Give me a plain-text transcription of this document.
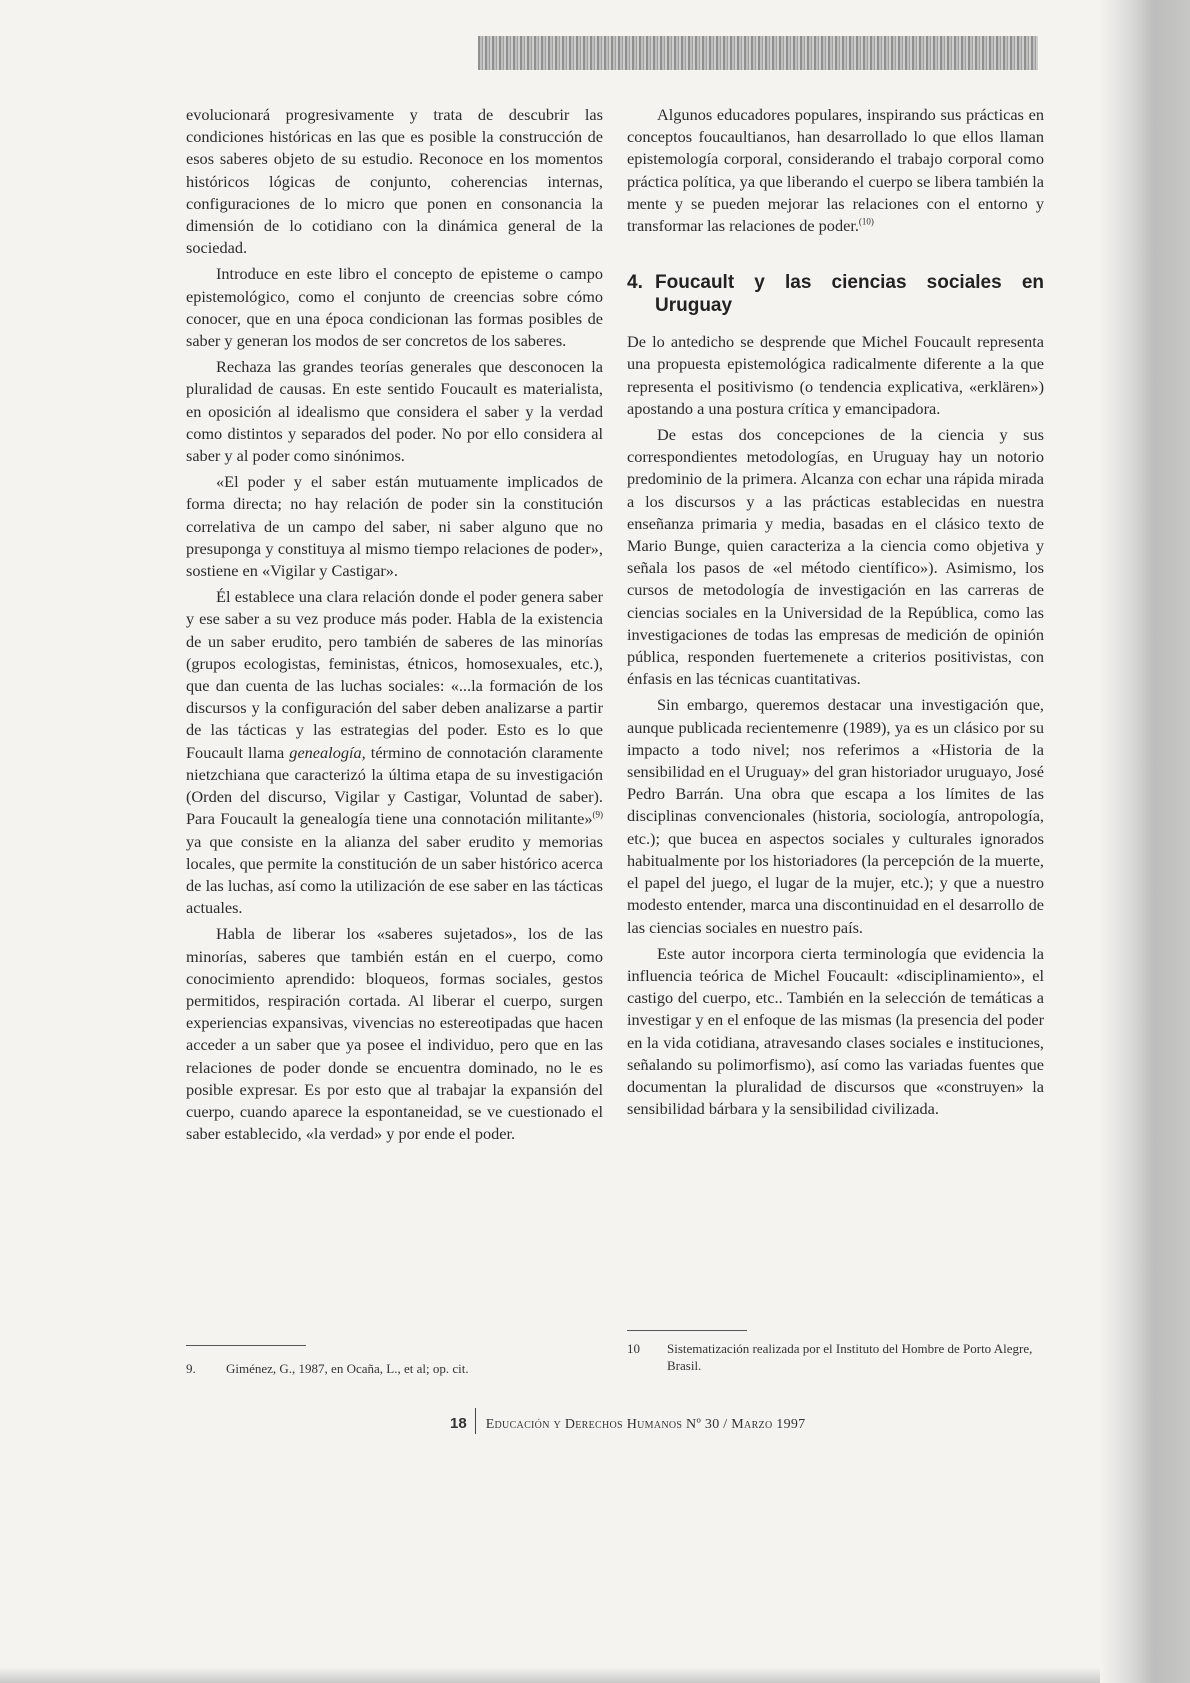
evolucionará progresivamente y trata de descubrir las condiciones históricas en las que es posible la construcción de esos saberes objeto de su estudio. Reconoce en los momentos históricos lógicas de conjunto, coherencias internas, configuraciones de lo micro que ponen en consonancia la dimensión de lo cotidiano con la dinámica general de la sociedad.

Introduce en este libro el concepto de episteme o campo epistemológico, como el conjunto de creencias sobre cómo conocer, que en una época condicionan las formas posibles de saber y generan los modos de ser concretos de los saberes.

Rechaza las grandes teorías generales que desconocen la pluralidad de causas. En este sentido Foucault es materialista, en oposición al idealismo que considera el saber y la verdad como distintos y separados del poder. No por ello considera al saber y al poder como sinónimos.

«El poder y el saber están mutuamente implicados de forma directa; no hay relación de poder sin la constitución correlativa de un campo del saber, ni saber alguno que no presuponga y constituya al mismo tiempo relaciones de poder», sostiene en «Vigilar y Castigar».

Él establece una clara relación donde el poder genera saber y ese saber a su vez produce más poder. Habla de la existencia de un saber erudito, pero también de saberes de las minorías (grupos ecologistas, feministas, étnicos, homosexuales, etc.), que dan cuenta de las luchas sociales: «...la formación de los discursos y la configuración del saber deben analizarse a partir de las tácticas y las estrategias del poder. Esto es lo que Foucault llama genealogía, término de connotación claramente nietzchiana que caracterizó la última etapa de su investigación (Orden del discurso, Vigilar y Castigar, Voluntad de saber). Para Foucault la genealogía tiene una connotación militante»$^{(9)}$ ya que consiste en la alianza del saber erudito y memorias locales, que permite la constitución de un saber histórico acerca de las luchas, así como la utilización de ese saber en las tácticas actuales.

Habla de liberar los «saberes sujetados», los de las minorías, saberes que también están en el cuerpo, como conocimiento aprendido: bloqueos, formas sociales, gestos permitidos, respiración cortada. Al liberar el cuerpo, surgen experiencias expansivas, vivencias no estereotipadas que hacen acceder a un saber que ya posee el individuo, pero que en las relaciones de poder donde se encuentra dominado, no le es posible expresar. Es por esto que al trabajar la expansión del cuerpo, cuando aparece la espontaneidad, se ve cuestionado el saber establecido, «la verdad» y por ende el poder.

Algunos educadores populares, inspirando sus prácticas en conceptos foucaultianos, han desarrollado lo que ellos llaman epistemología corporal, considerando el trabajo corporal como práctica política, ya que liberando el cuerpo se libera también la mente y se pueden mejorar las relaciones con el entorno y transformar las relaciones de poder.$^{(10)}$

4. Foucault y las ciencias sociales en Uruguay

De lo antedicho se desprende que Michel Foucault representa una propuesta epistemológica radicalmente diferente a la que representa el positivismo (o tendencia explicativa, «erklären») apostando a una postura crítica y emancipadora.

De estas dos concepciones de la ciencia y sus correspondientes metodologías, en Uruguay hay un notorio predominio de la primera. Alcanza con echar una rápida mirada a los discursos y a las prácticas establecidas en nuestra enseñanza primaria y media, basadas en el clásico texto de Mario Bunge, quien caracteriza a la ciencia como objetiva y señala los pasos de «el método científico»). Asimismo, los cursos de metodología de investigación en las carreras de ciencias sociales en la Universidad de la República, como las investigaciones de todas las empresas de medición de opinión pública, responden fuertemenete a criterios positivistas, con énfasis en las técnicas cuantitativas.

Sin embargo, queremos destacar una investigación que, aunque publicada recientemenre (1989), ya es un clásico por su impacto a todo nivel; nos referimos a «Historia de la sensibilidad en el Uruguay» del gran historiador uruguayo, José Pedro Barrán. Una obra que escapa a los límites de las disciplinas convencionales (historia, sociología, antropología, etc.); que bucea en aspectos sociales y culturales ignorados habitualmente por los historiadores (la percepción de la muerte, el papel del juego, el lugar de la mujer, etc.); y que a nuestro modesto entender, marca una discontinuidad en el desarrollo de las ciencias sociales en nuestro país.

Este autor incorpora cierta terminología que evidencia la influencia teórica de Michel Foucault: «disciplinamiento», el castigo del cuerpo, etc.. También en la selección de temáticas a investigar y en el enfoque de las mismas (la presencia del poder en la vida cotidiana, atravesando clases sociales e instituciones, señalando su polimorfismo), así como las variadas fuentes que documentan la pluralidad de discursos que «construyen» la sensibilidad bárbara y la sensibilidad civilizada.

9. Giménez, G., 1987, en Ocaña, L., et al; op. cit.
10	Sistematización realizada por el Instituto del Hombre de Porto Alegre, Brasil.
18 Educación y Derechos Humanos Nº 30 / Marzo 1997
